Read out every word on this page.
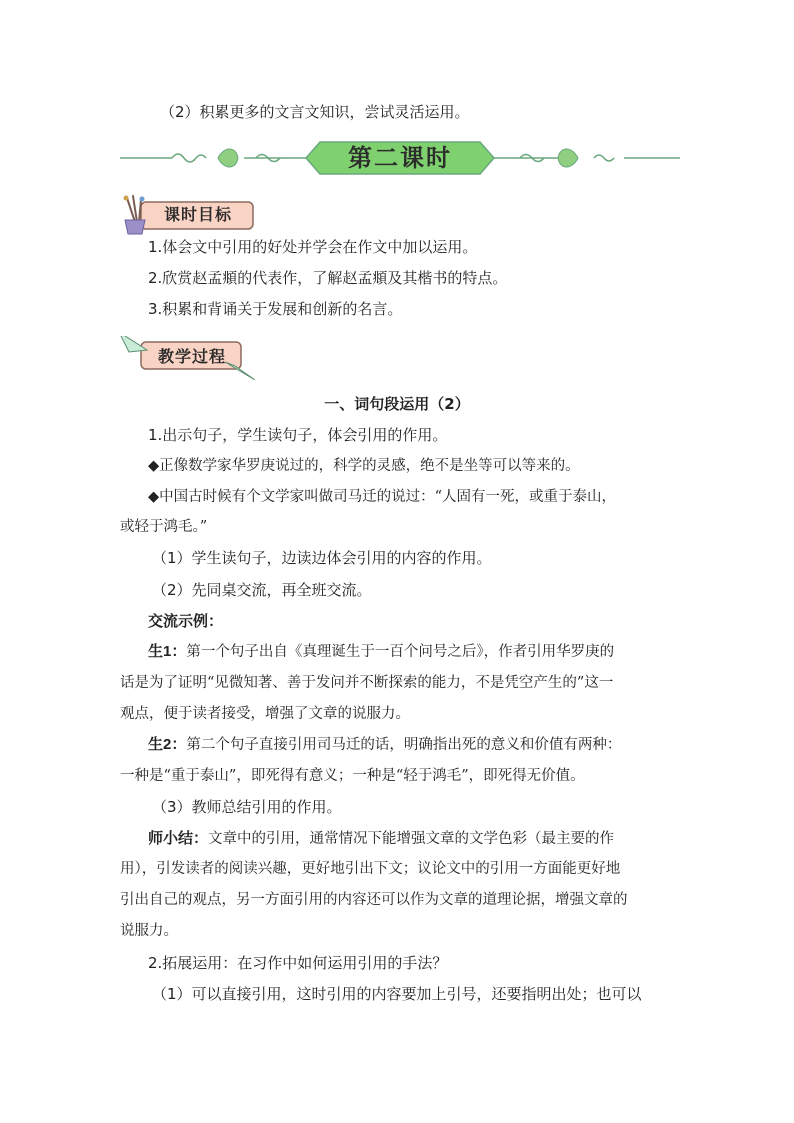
（2）积累更多的文言文知识，尝试灵活运用。
第二课时
课时目标
1.体会文中引用的好处并学会在作文中加以运用。
2.欣赏赵孟頫的代表作，了解赵孟頫及其楷书的特点。
3.积累和背诵关于发展和创新的名言。
教学过程
一、词句段运用（2）
1.出示句子，学生读句子，体会引用的作用。
◆正像数学家华罗庚说过的，科学的灵感，绝不是坐等可以等来的。
◆中国古时候有个文学家叫做司马迁的说过：“人固有一死，或重于泰山，
或轻于鸿毛。”
（1）学生读句子，边读边体会引用的内容的作用。
（2）先同桌交流，再全班交流。
交流示例：
生1：第一个句子出自《真理诞生于一百个问号之后》，作者引用华罗庚的
话是为了证明“见微知著、善于发问并不断探索的能力，不是凭空产生的”这一
观点，便于读者接受，增强了文章的说服力。
生2：第二个句子直接引用司马迁的话，明确指出死的意义和价值有两种：
一种是“重于泰山”，即死得有意义；一种是“轻于鸿毛”，即死得无价值。
（3）教师总结引用的作用。
师小结：文章中的引用，通常情况下能增强文章的文学色彩（最主要的作
用），引发读者的阅读兴趣，更好地引出下文；议论文中的引用一方面能更好地
引出自己的观点，另一方面引用的内容还可以作为文章的道理论据，增强文章的
说服力。
2.拓展运用：在习作中如何运用引用的手法？
（1）可以直接引用，这时引用的内容要加上引号，还要指明出处；也可以
